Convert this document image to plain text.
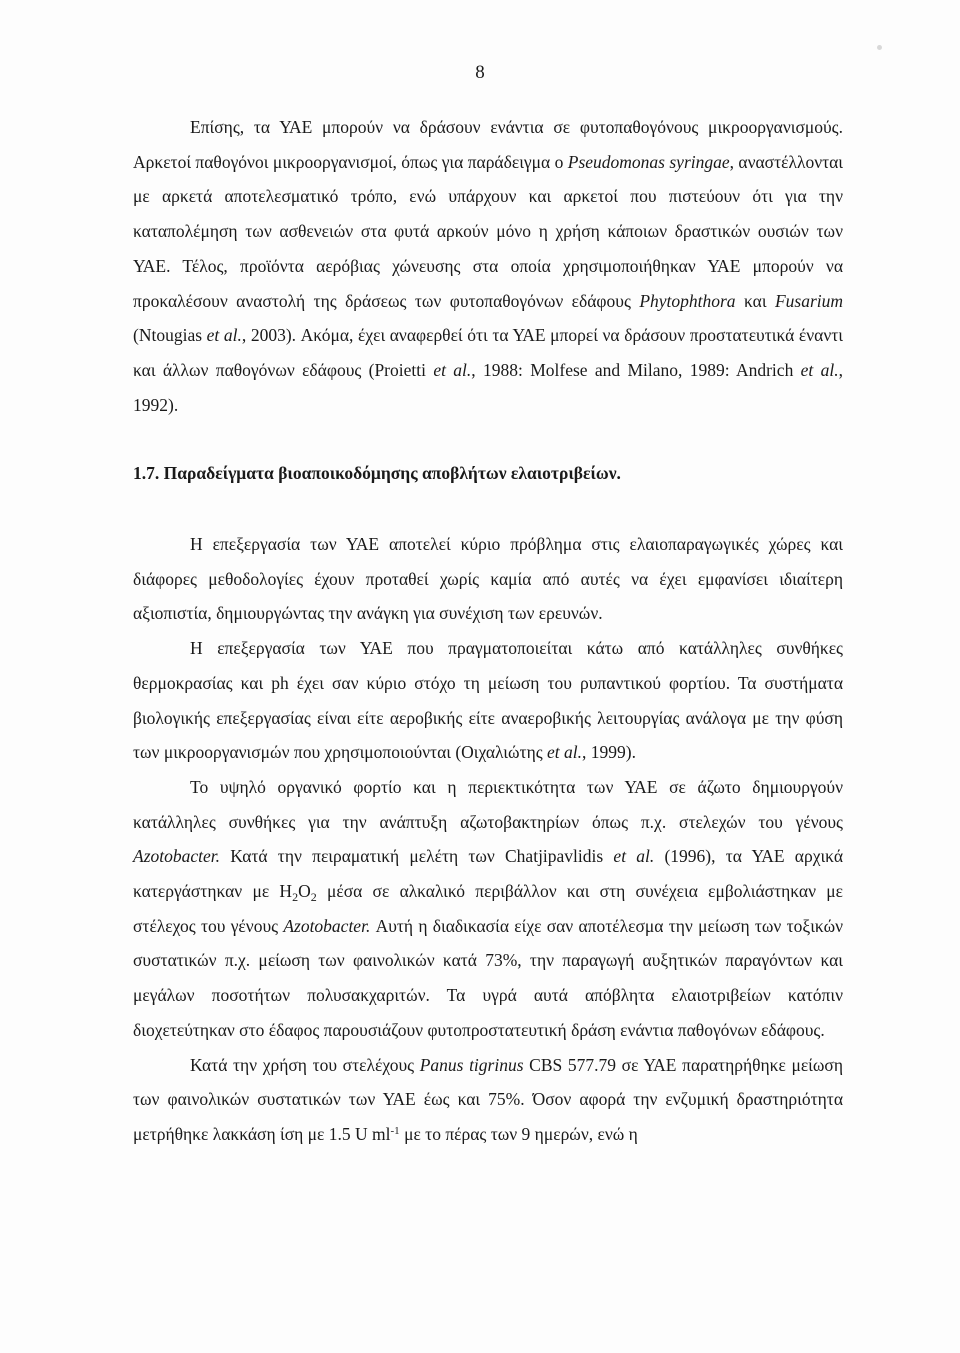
8

Επίσης, τα ΥΑΕ μπορούν να δράσουν ενάντια σε φυτοπαθογόνους μικροοργανισμούς. Αρκετοί παθογόνοι μικροοργανισμοί, όπως για παράδειγμα ο Pseudomonas syringae, αναστέλλονται με αρκετά αποτελεσματικό τρόπο, ενώ υπάρχουν και αρκετοί που πιστεύουν ότι για την καταπολέμηση των ασθενειών στα φυτά αρκούν μόνο η χρήση κάποιων δραστικών ουσιών των ΥΑΕ. Τέλος, προϊόντα αερόβιας χώνευσης στα οποία χρησιμοποιήθηκαν ΥΑΕ μπορούν να προκαλέσουν αναστολή της δράσεως των φυτοπαθογόνων εδάφους Phytophthora και Fusarium (Ntougias et al., 2003). Ακόμα, έχει αναφερθεί ότι τα ΥΑΕ μπορεί να δράσουν προστατευτικά έναντι και άλλων παθογόνων εδάφους (Proietti et al., 1988: Molfese and Milano, 1989: Andrich et al., 1992).

1.7. Παραδείγματα βιοαποικοδόμησης αποβλήτων ελαιοτριβείων.

Η επεξεργασία των ΥΑΕ αποτελεί κύριο πρόβλημα στις ελαιοπαραγωγικές χώρες και διάφορες μεθοδολογίες έχουν προταθεί χωρίς καμία από αυτές να έχει εμφανίσει ιδιαίτερη αξιοπιστία, δημιουργώντας την ανάγκη για συνέχιση των ερευνών.

Η επεξεργασία των ΥΑΕ που πραγματοποιείται κάτω από κατάλληλες συνθήκες θερμοκρασίας και ph έχει σαν κύριο στόχο τη μείωση του ρυπαντικού φορτίου. Τα συστήματα βιολογικής επεξεργασίας είναι είτε αεροβικής είτε αναεροβικής λειτουργίας ανάλογα με την φύση των μικροοργανισμών που χρησιμοποιούνται (Οιχαλιώτης et al., 1999).

Το υψηλό οργανικό φορτίο και η περιεκτικότητα των ΥΑΕ σε άζωτο δημιουργούν κατάλληλες συνθήκες για την ανάπτυξη αζωτοβακτηρίων όπως π.χ. στελεχών του γένους Azotobacter. Κατά την πειραματική μελέτη των Chatjipavlidis et al. (1996), τα ΥΑΕ αρχικά κατεργάστηκαν με $H_2O_2$ μέσα σε αλκαλικό περιβάλλον και στη συνέχεια εμβολιάστηκαν με στέλεχος του γένους Azotobacter. Αυτή η διαδικασία είχε σαν αποτέλεσμα την μείωση των τοξικών συστατικών π.χ. μείωση των φαινολικών κατά 73%, την παραγωγή αυξητικών παραγόντων και μεγάλων ποσοτήτων πολυσακχαριτών. Τα υγρά αυτά απόβλητα ελαιοτριβείων κατόπιν διοχετεύτηκαν στο έδαφος παρουσιάζουν φυτοπροστατευτική δράση ενάντια παθογόνων εδάφους.

Κατά την χρήση του στελέχους Panus tigrinus CBS 577.79 σε ΥΑΕ παρατηρήθηκε μείωση των φαινολικών συστατικών των ΥΑΕ έως και 75%. Όσον αφορά την ενζυμική δραστηριότητα μετρήθηκε λακκάση ίση με 1.5 U $ml^{-1}$ με το πέρας των 9 ημερών, ενώ η
